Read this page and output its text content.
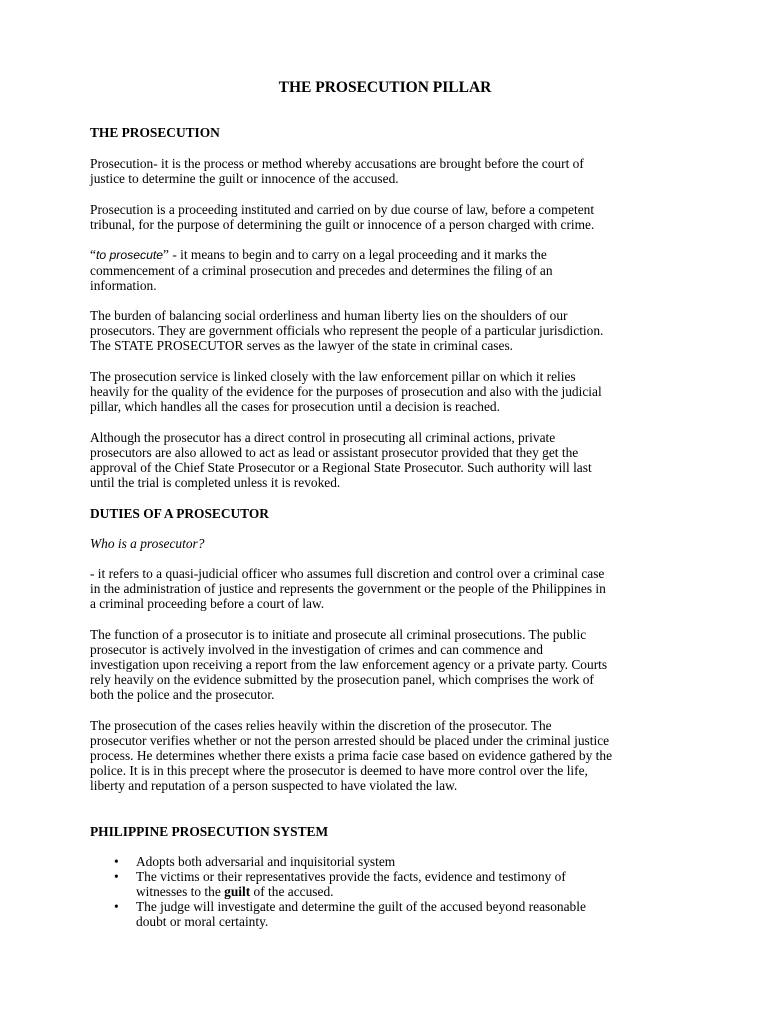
THE PROSECUTION PILLAR
THE PROSECUTION

Prosecution- it is the process or method whereby accusations are brought before the court of
justice to determine the guilt or innocence of the accused.

Prosecution is a proceeding instituted and carried on by due course of law, before a competent
tribunal, for the purpose of determining the guilt or innocence of a person charged with crime.

“to prosecute” - it means to begin and to carry on a legal proceeding and it marks the
commencement of a criminal prosecution and precedes and determines the filing of an
information.

The burden of balancing social orderliness and human liberty lies on the shoulders of our
prosecutors. They are government officials who represent the people of a particular jurisdiction.
The STATE PROSECUTOR serves as the lawyer of the state in criminal cases.

The prosecution service is linked closely with the law enforcement pillar on which it relies
heavily for the quality of the evidence for the purposes of prosecution and also with the judicial
pillar, which handles all the cases for prosecution until a decision is reached.

Although the prosecutor has a direct control in prosecuting all criminal actions, private
prosecutors are also allowed to act as lead or assistant prosecutor provided that they get the
approval of the Chief State Prosecutor or a Regional State Prosecutor. Such authority will last
until the trial is completed unless it is revoked.

DUTIES OF A PROSECUTOR

Who is a prosecutor?

- it refers to a quasi-judicial officer who assumes full discretion and control over a criminal case
in the administration of justice and represents the government or the people of the Philippines in
a criminal proceeding before a court of law.

The function of a prosecutor is to initiate and prosecute all criminal prosecutions. The public
prosecutor is actively involved in the investigation of crimes and can commence and
investigation upon receiving a report from the law enforcement agency or a private party. Courts
rely heavily on the evidence submitted by the prosecution panel, which comprises the work of
both the police and the prosecutor.

The prosecution of the cases relies heavily within the discretion of the prosecutor. The
prosecutor verifies whether or not the person arrested should be placed under the criminal justice
process. He determines whether there exists a prima facie case based on evidence gathered by the
police. It is in this precept where the prosecutor is deemed to have more control over the life,
liberty and reputation of a person suspected to have violated the law.

PHILIPPINE PROSECUTION SYSTEM
• Adopts both adversarial and inquisitorial system
• The victims or their representatives provide the facts, evidence and testimony of
witnesses to the guilt of the accused.
• The judge will investigate and determine the guilt of the accused beyond reasonable
doubt or moral certainty.
